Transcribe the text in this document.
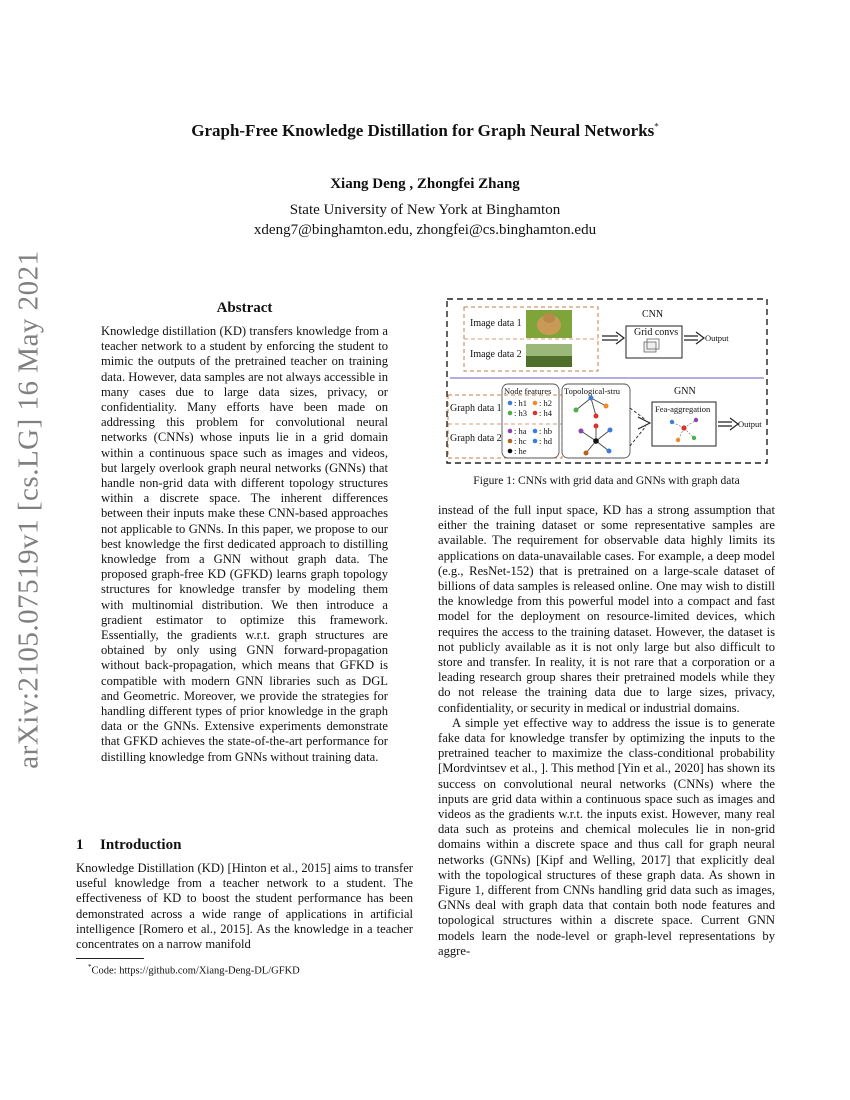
Graph-Free Knowledge Distillation for Graph Neural Networks*
Xiang Deng , Zhongfei Zhang
State University of New York at Binghamton
xdeng7@binghamton.edu, zhongfei@cs.binghamton.edu
arXiv:2105.07519v1 [cs.LG] 16 May 2021	Abstract
Knowledge distillation (KD) transfers knowledge from a teacher network to a student by enforcing the student to mimic the outputs of the pretrained teacher on training data. However, data samples are not always accessible in many cases due to large data sizes, privacy, or confidentiality. Many efforts have been made on addressing this problem for convolutional neural networks (CNNs) whose inputs lie in a grid domain within a continuous space such as images and videos, but largely overlook graph neural networks (GNNs) that handle non-grid data with different topology structures within a discrete space. The inherent differences between their inputs make these CNN-based approaches not applicable to GNNs. In this paper, we propose to our best knowledge the first dedicated approach to distilling knowledge from a GNN without graph data. The proposed graph-free KD (GFKD) learns graph topology structures for knowledge transfer by modeling them with multinomial distribution. We then introduce a gradient estimator to optimize this framework. Essentially, the gradients w.r.t. graph structures are obtained by only using GNN forward-propagation without back-propagation, which means that GFKD is compatible with modern GNN libraries such as DGL and Geometric. Moreover, we provide the strategies for handling different types of prior knowledge in the graph data or the GNNs. Extensive experiments demonstrate that GFKD achieves the state-of-the-art performance for distilling knowledge from GNNs without training data.
1 Introduction
Knowledge Distillation (KD) [Hinton et al., 2015] aims to transfer useful knowledge from a teacher network to a student. The effectiveness of KD to boost the student performance has been demonstrated across a wide range of applications in artificial intelligence [Romero et al., 2015]. As the knowledge in a teacher concentrates on a narrow manifold
*Code: https://github.com/Xiang-Deng-DL/GFKD
Image data 1
Image data 2
CNN
Grid convs	Output
Graph data 1
Graph data 2
Node features Topological-stru
: h1 : h2
: h3 : h4
: ha : hb
: hc : hd
: he
GNN
Fea-aggregation
Output
Figure 1: CNNs with grid data and GNNs with graph data

instead of the full input space, KD has a strong assumption that either the training dataset or some representative samples are available. The requirement for observable data highly limits its applications on data-unavailable cases. For example, a deep model (e.g., ResNet-152) that is pretrained on a large-scale dataset of billions of data samples is released online. One may wish to distill the knowledge from this powerful model into a compact and fast model for the deployment on resource-limited devices, which requires the access to the training dataset. However, the dataset is not publicly available as it is not only large but also difficult to store and transfer. In reality, it is not rare that a corporation or a leading research group shares their pretrained models while they do not release the training data due to large sizes, privacy, confidentiality, or security in medical or industrial domains.

A simple yet effective way to address the issue is to generate fake data for knowledge transfer by optimizing the inputs to the pretrained teacher to maximize the class-conditional probability [Mordvintsev et al., ]. This method [Yin et al., 2020] has shown its success on convolutional neural networks (CNNs) where the inputs are grid data within a continuous space such as images and videos as the gradients w.r.t. the inputs exist. However, many real data such as proteins and chemical molecules lie in non-grid domains within a discrete space and thus call for graph neural networks (GNNs) [Kipf and Welling, 2017] that explicitly deal with the topological structures of these graph data. As shown in Figure 1, different from CNNs handling grid data such as images, GNNs deal with graph data that contain both node features and topological structures within a discrete space. Current GNN models learn the node-level or graph-level representations by aggre-
